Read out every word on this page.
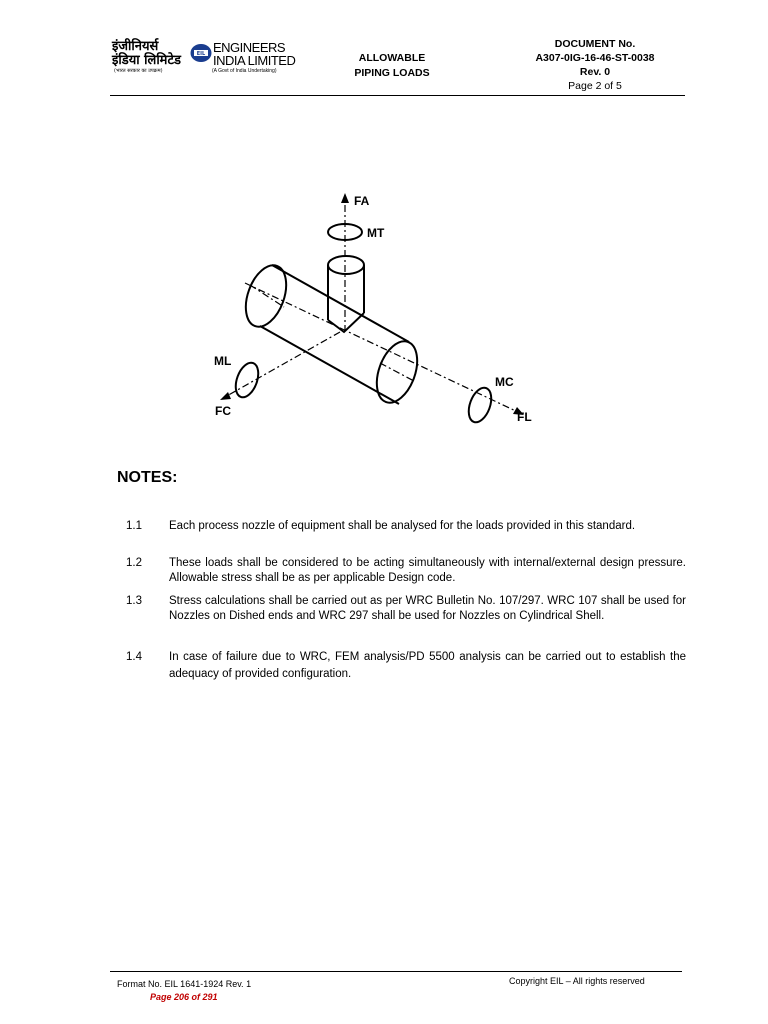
इंजीनियर्स इंडिया लिमिटेड
(भारत सरकार का उपक्रम)
EIL ENGINEERS
INDIA LIMITED
(A Govt of India Undertaking)
ALLOWABLE
PIPING LOADS
DOCUMENT No.
A307-0IG-16-46-ST-0038
Rev. 0
Page 2 of 5
FA
MT
ML
FC
MC
FL
NOTES:
1.1	Each process nozzle of equipment shall be analysed for the loads provided in this standard.
1.2	These loads shall be considered to be acting simultaneously with internal/external design pressure. Allowable stress shall be as per applicable Design code.
1.3	Stress calculations shall be carried out as per WRC Bulletin No. 107/297. WRC 107 shall be used for Nozzles on Dished ends and WRC 297 shall be used for Nozzles on Cylindrical Shell.
1.4	In case of failure due to WRC, FEM analysis/PD 5500 analysis can be carried out to establish the adequacy of provided configuration.
Format No. EIL 1641-1924 Rev. 1	Copyright EIL – All rights reserved
Page 206 of 291
